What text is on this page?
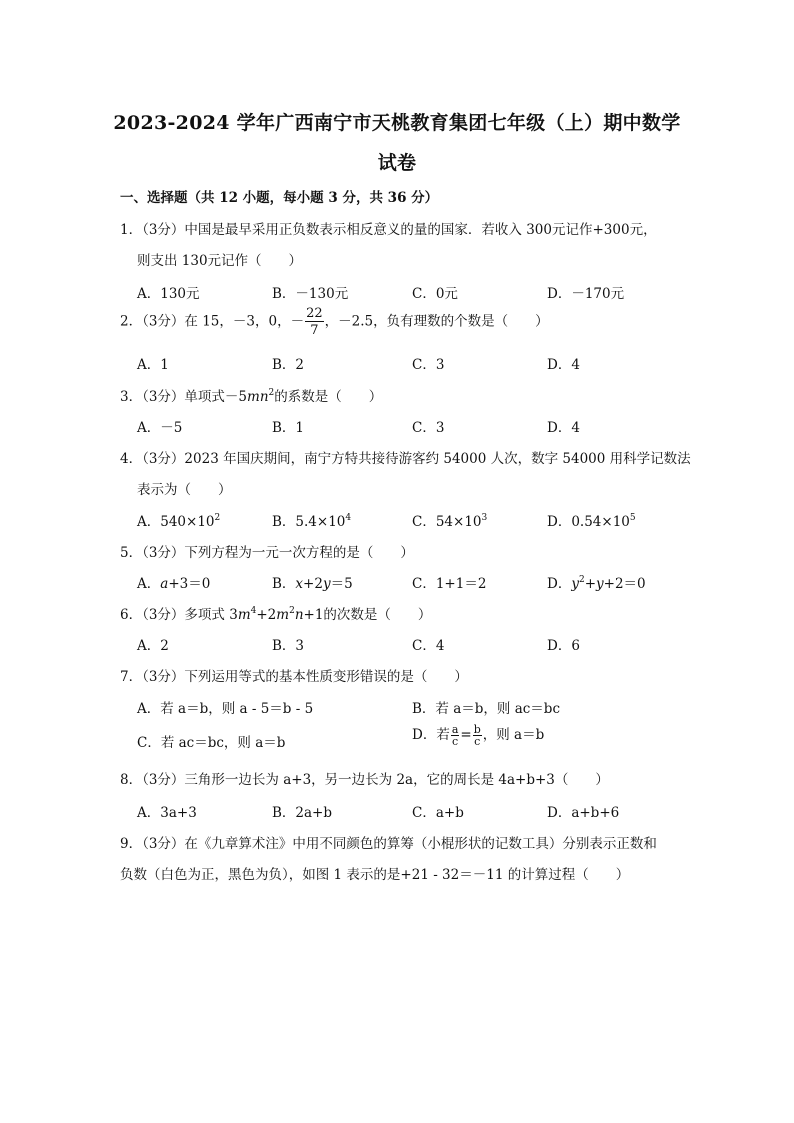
2023-2024 学年广西南宁市天桃教育集团七年级（上）期中数学
试卷
一、选择题（共 12 小题，每小题 3 分，共 36 分）
1．（3分）中国是最早采用正负数表示相反意义的量的国家．若收入 300元记作+300元，
则支出 130元记作（　　）
A．130元	B．－130元	C．0元	D．－170元
2．（3分）在 15，－3，0，－ $\frac{22}{7}$ ，－2.5，负有理数的个数是（　　）
A．1	B．2	C．3	D．4
3．（3分）单项式$-5mn^2$的系数是（　　）
A．－5	B．1	C．3	D．4
4．（3分）2023 年国庆期间，南宁方特共接待游客约 54000 人次，数字 54000 用科学记数法
表示为（　　）
A．$540\times 10^2$	B．$5.4\times 10^4$	C．$54\times 10^3$	D．$0.54\times 10^5$
5．（3分）下列方程为一元一次方程的是（　　）
A．a+3＝0	B．x+2y＝5	C．1+1＝2	D．$y^2+y+2=0$
6．（3分）多项式 $3m^4+2m^2n+1$的次数是（　　）
A．2	B．3	C．4	D．6
7．（3分）下列运用等式的基本性质变形错误的是（　　）
A．若 a＝b，则 a - 5＝b - 5	B．若 a＝b，则 ac＝bc
C．若 ac＝bc，则 a＝b	D．若 $\frac{a}{c} = \frac{b}{c}$ ，则 a＝b
8．（3分）三角形一边长为 a+3，另一边长为 2a，它的周长是 4a+b+3（　　）
A．3a+3	B．2a+b	C．a+b	D．a+b+6
9．（3分）在《九章算术注》中用不同颜色的算筹（小棍形状的记数工具）分别表示正数和
负数（白色为正，黑色为负），如图 1 表示的是+21 - 32＝－11 的计算过程（　　）
